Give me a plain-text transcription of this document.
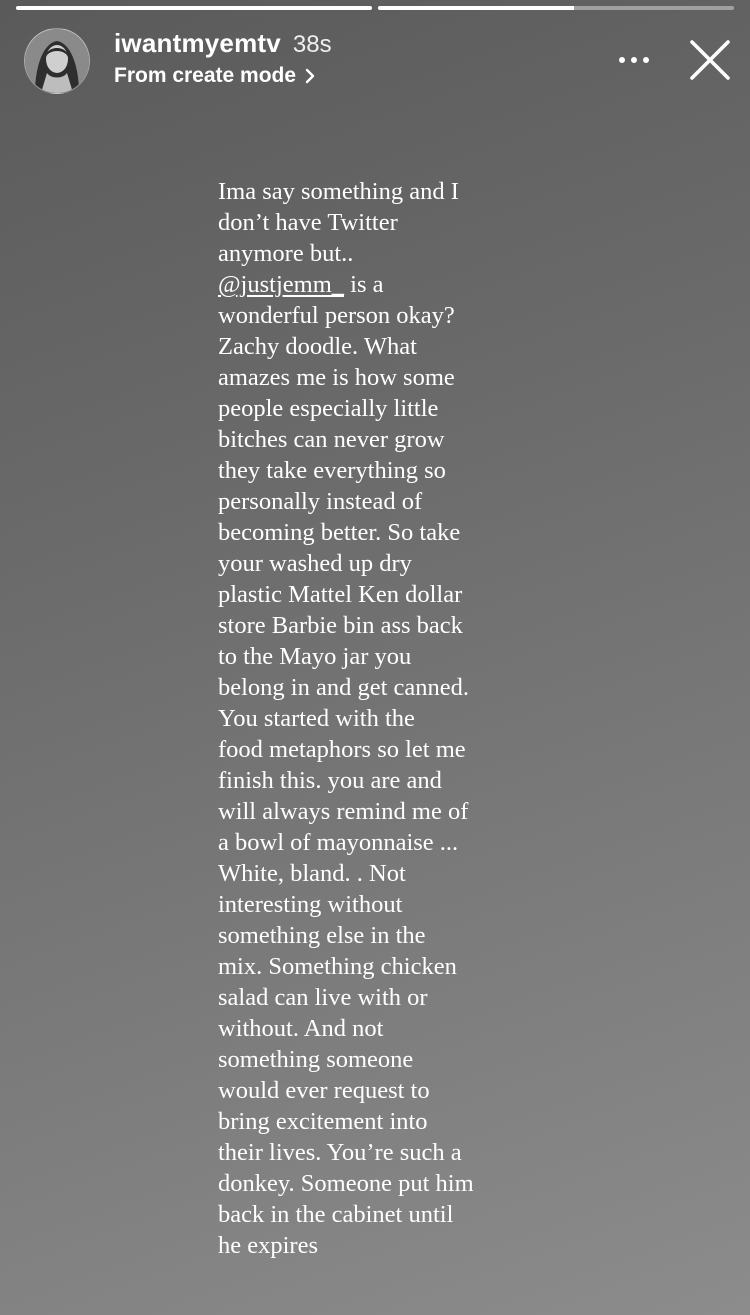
iwantmyemtv 38s
From create mode
Ima say something and I
don’t have Twitter
anymore but..
@justjemm_ is a
wonderful person okay?
Zachy doodle. What
amazes me is how some
people especially little
bitches can never grow
they take everything so
personally instead of
becoming better. So take
your washed up dry
plastic Mattel Ken dollar
store Barbie bin ass back
to the Mayo jar you
belong in and get canned.
You started with the
food metaphors so let me
finish this. you are and
will always remind me of
a bowl of mayonnaise ...
White, bland. . Not
interesting without
something else in the
mix. Something chicken
salad can live with or
without. And not
something someone
would ever request to
bring excitement into
their lives. You’re such a
donkey. Someone put him
back in the cabinet until
he expires
